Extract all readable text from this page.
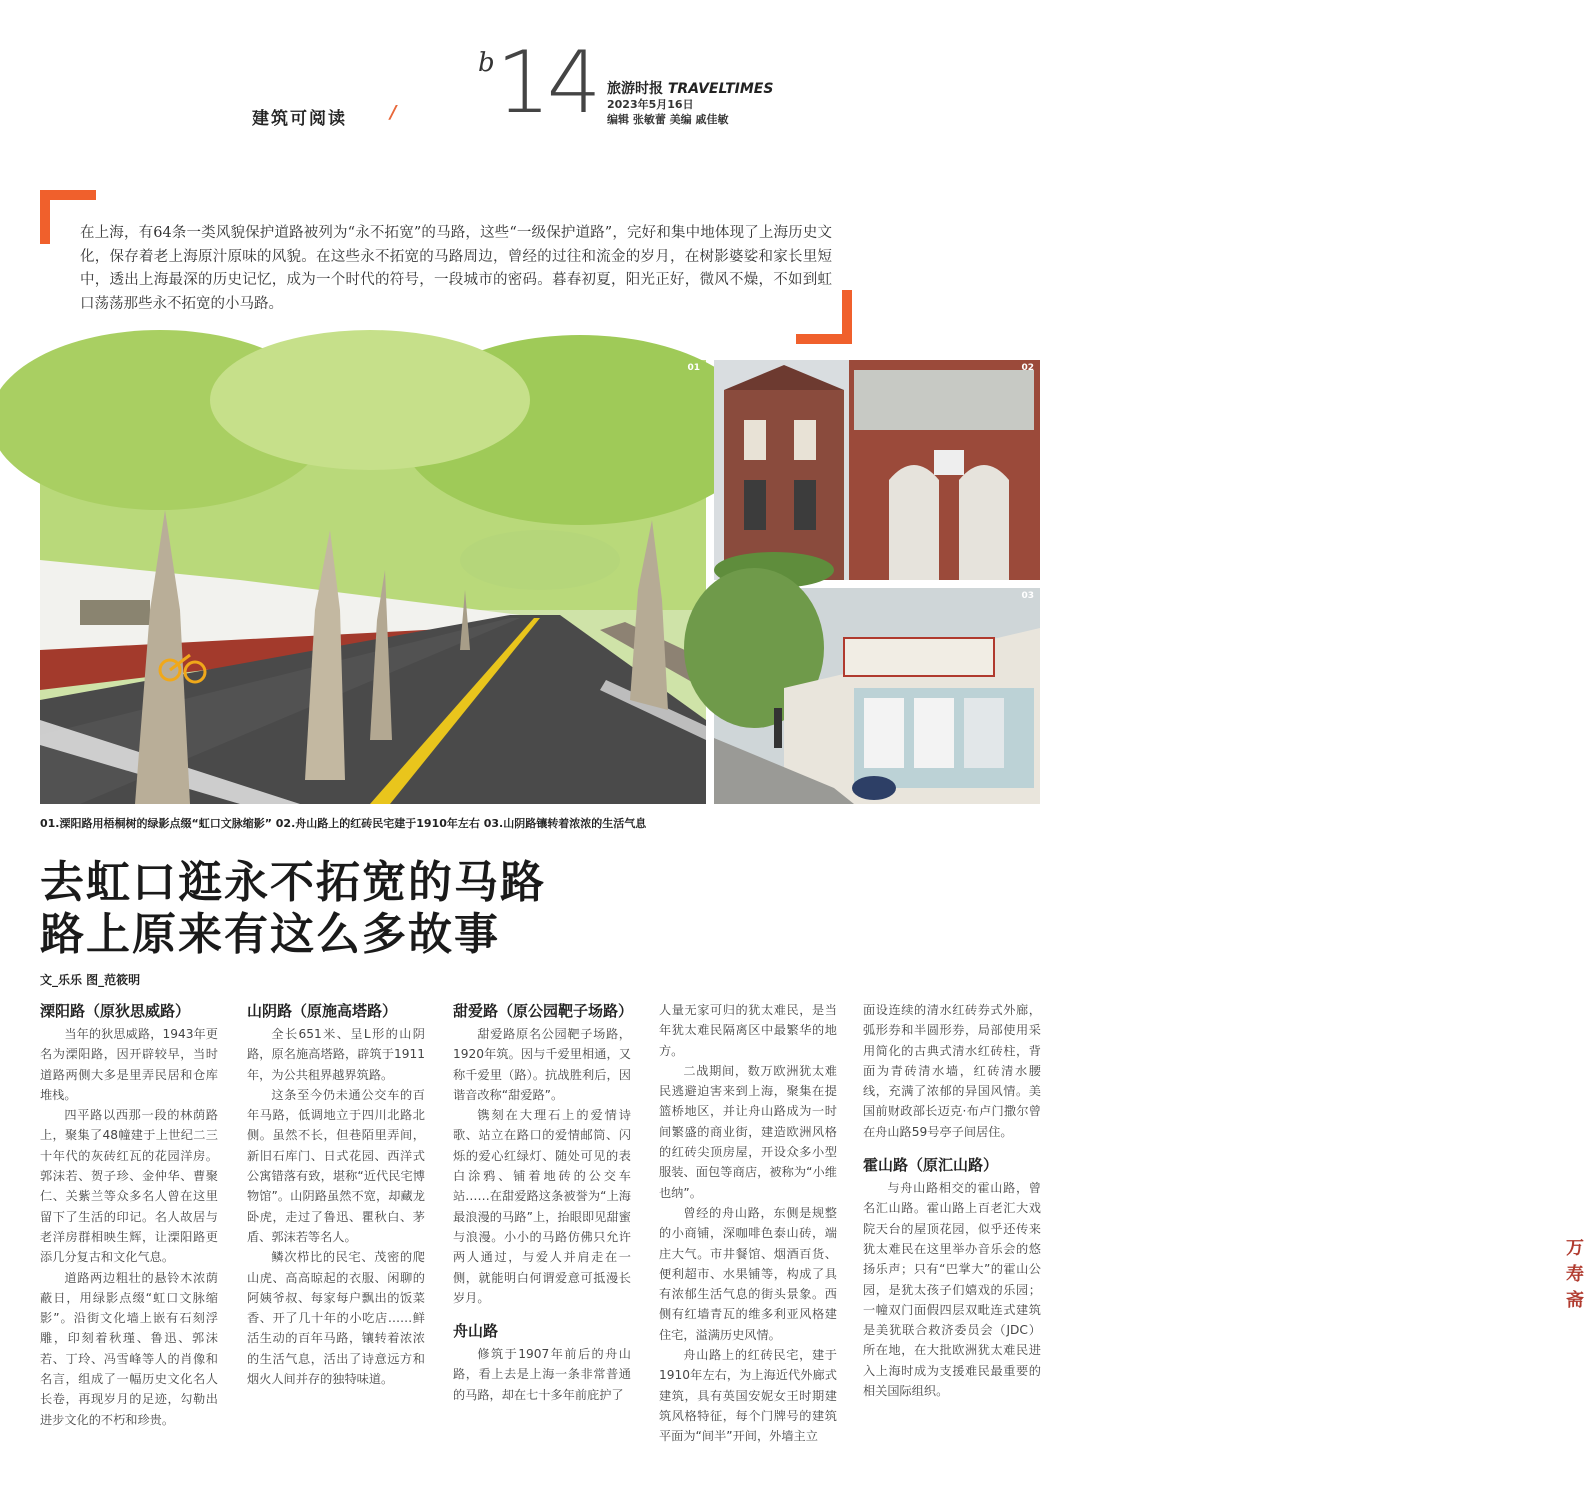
建筑可阅读 /
b 14 旅游时报 TRAVELTIMES
2023年5月16日
编辑 张敏蕾 美编 戚佳敏
在上海，有64条一类风貌保护道路被列为“永不拓宽”的马路，这些“一级保护道路”，完好和集中地体现了上海历史文化，保存着老上海原汁原味的风貌。在这些永不拓宽的马路周边，曾经的过往和流金的岁月，在树影婆娑和家长里短中，透出上海最深的历史记忆，成为一个时代的符号，一段城市的密码。暮春初夏，阳光正好，微风不燥，不如到虹口荡荡那些永不拓宽的小马路。
01	02
万寿斋
03
01.溧阳路用梧桐树的绿影点缀“虹口文脉缩影” 02.舟山路上的红砖民宅建于1910年左右 03.山阴路镶转着浓浓的生活气息
去虹口逛永不拓宽的马路
路上原来有这么多故事
文_乐乐 图_范筱明
溧阳路（原狄思威路）

当年的狄思威路，1943年更名为溧阳路，因开辟较早，当时道路两侧大多是里弄民居和仓库堆栈。

四平路以西那一段的林荫路上，聚集了48幢建于上世纪二三十年代的灰砖红瓦的花园洋房。郭沫若、贺子珍、金仲华、曹聚仁、关紫兰等众多名人曾在这里留下了生活的印记。名人故居与老洋房群相映生辉，让溧阳路更添几分复古和文化气息。

道路两边粗壮的悬铃木浓荫蔽日，用绿影点缀“虹口文脉缩影”。沿街文化墙上嵌有石刻浮雕，印刻着秋瑾、鲁迅、郭沫若、丁玲、冯雪峰等人的肖像和名言，组成了一幅历史文化名人长卷，再现岁月的足迹，勾勒出进步文化的不朽和珍贵。

山阴路（原施高塔路）

全长651米、呈L形的山阴路，原名施高塔路，辟筑于1911年，为公共租界越界筑路。

这条至今仍未通公交车的百年马路，低调地立于四川北路北侧。虽然不长，但巷陌里弄间，新旧石库门、日式花园、西洋式公寓错落有致，堪称“近代民宅博物馆”。山阴路虽然不宽，却藏龙卧虎，走过了鲁迅、瞿秋白、茅盾、郭沫若等名人。

鳞次栉比的民宅、茂密的爬山虎、高高晾起的衣服、闲聊的阿姨爷叔、每家每户飘出的饭菜香、开了几十年的小吃店……鲜活生动的百年马路，镶转着浓浓的生活气息，活出了诗意远方和烟火人间并存的独特味道。

甜爱路（原公园靶子场路）

甜爱路原名公园靶子场路，1920年筑。因与千爱里相通，又称千爱里（路）。抗战胜利后，因谐音改称“甜爱路”。

镌刻在大理石上的爱情诗歌、站立在路口的爱情邮筒、闪烁的爱心红绿灯、随处可见的表白涂鸦、铺着地砖的公交车站……在甜爱路这条被誉为“上海最浪漫的马路”上，抬眼即见甜蜜与浪漫。小小的马路仿佛只允许两人通过，与爱人并肩走在一侧，就能明白何谓爱意可抵漫长岁月。

舟山路

修筑于1907年前后的舟山路，看上去是上海一条非常普通的马路，却在七十多年前庇护了

人量无家可归的犹太难民，是当年犹太难民隔离区中最繁华的地方。

二战期间，数万欧洲犹太难民逃避迫害来到上海，聚集在提篮桥地区，并让舟山路成为一时间繁盛的商业街，建造欧洲风格的红砖尖顶房屋，开设众多小型服装、面包等商店，被称为“小维也纳”。

曾经的舟山路，东侧是规整的小商铺，深咖啡色泰山砖，端庄大气。市井餐馆、烟酒百货、便利超市、水果铺等，构成了具有浓郁生活气息的街头景象。西侧有红墙青瓦的维多利亚风格建住宅，溢满历史风情。

舟山路上的红砖民宅，建于1910年左右，为上海近代外廊式建筑，具有英国安妮女王时期建筑风格特征，每个门牌号的建筑平面为“间半”开间，外墙主立

面设连续的清水红砖券式外廊，弧形券和半圆形券，局部使用采用简化的古典式清水红砖柱，背面为青砖清水墙，红砖清水腰线，充满了浓郁的异国风情。美国前财政部长迈克·布卢门撒尔曾在舟山路59号亭子间居住。

霍山路（原汇山路）

与舟山路相交的霍山路，曾名汇山路。霍山路上百老汇大戏院天台的屋顶花园，似乎还传来犹太难民在这里举办音乐会的悠扬乐声；只有“巴掌大”的霍山公园，是犹太孩子们嬉戏的乐园；一幢双门面假四层双毗连式建筑是美犹联合救济委员会（JDC）所在地，在大批欧洲犹太难民进入上海时成为支援难民最重要的相关国际组织。
